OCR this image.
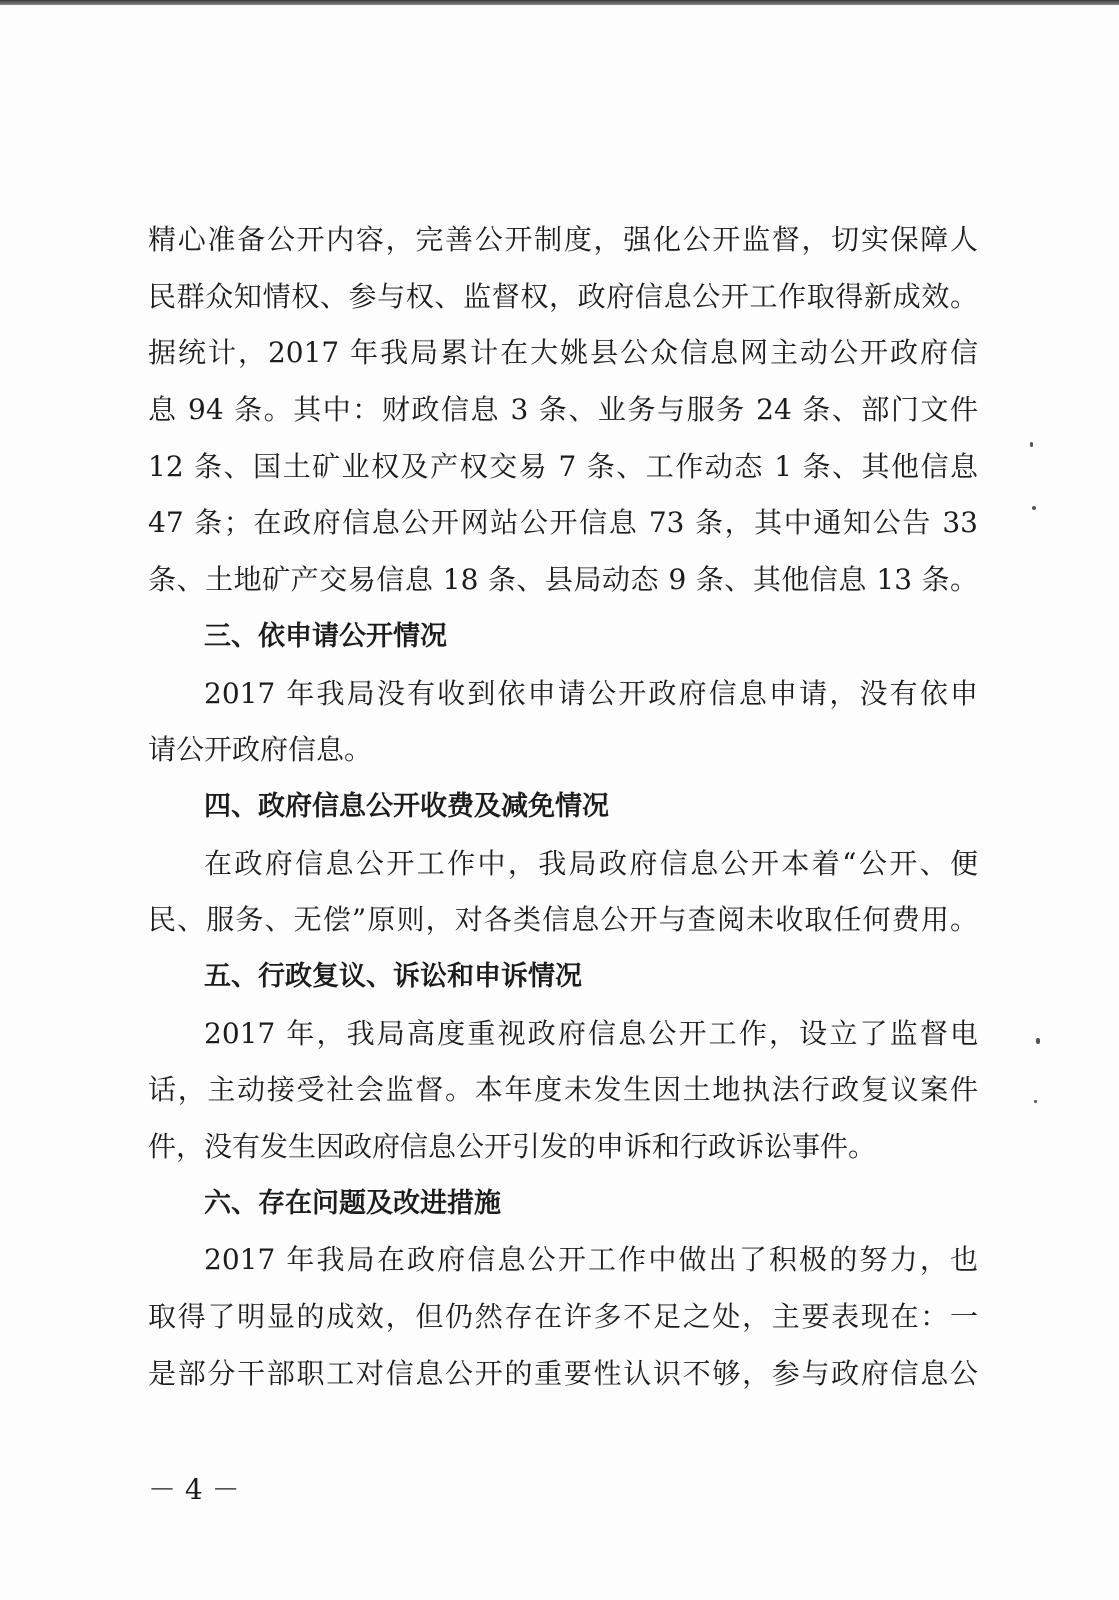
精心准备公开内容，完善公开制度，强化公开监督，切实保障人
民群众知情权、参与权、监督权，政府信息公开工作取得新成效。
据统计，2017 年我局累计在大姚县公众信息网主动公开政府信
息 94 条。其中：财政信息 3 条、业务与服务 24 条、部门文件
12 条、国土矿业权及产权交易 7 条、工作动态 1 条、其他信息
47 条；在政府信息公开网站公开信息 73 条，其中通知公告 33
条、土地矿产交易信息 18 条、县局动态 9 条、其他信息 13 条。
三、依申请公开情况
2017 年我局没有收到依申请公开政府信息申请，没有依申
请公开政府信息。
四、政府信息公开收费及减免情况
在政府信息公开工作中，我局政府信息公开本着“公开、便
民、服务、无偿”原则，对各类信息公开与查阅未收取任何费用。
五、行政复议、诉讼和申诉情况
2017 年，我局高度重视政府信息公开工作，设立了监督电
话，主动接受社会监督。本年度未发生因土地执法行政复议案件
件，没有发生因政府信息公开引发的申诉和行政诉讼事件。
六、存在问题及改进措施
2017 年我局在政府信息公开工作中做出了积极的努力，也
取得了明显的成效，但仍然存在许多不足之处，主要表现在：一
是部分干部职工对信息公开的重要性认识不够，参与政府信息公
－ 4 －
